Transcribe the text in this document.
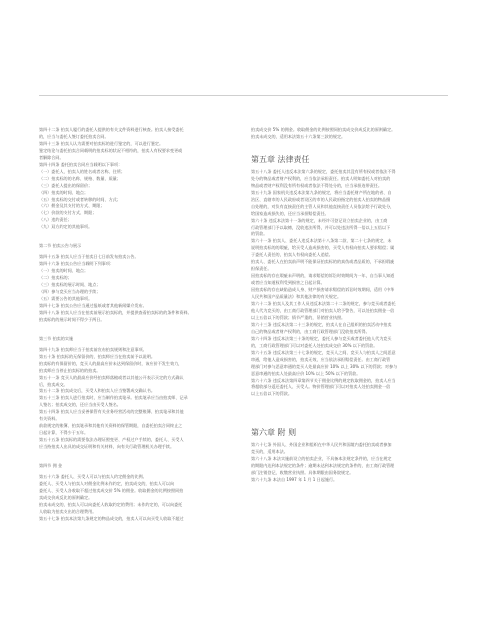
第四十二条 拍卖人履行的委托人提供的有关文件资料进行核查。拍卖人接受委托

的，应当与委托人签订委托拍卖合同。

第四十三条 拍卖人认为需要对拍卖标的进行鉴定的，可以进行鉴定。

鉴定结论与委托拍卖合同载明的拍卖标的状况不相符的，拍卖人有权要求变更或

者解除合同。

第四十四条 委托拍卖合同应当载明以下事项：

（一）委托人、拍卖人的姓名或者名称、住所；

（二）拍卖标的的名称、规格、数量、质量；

（三）委托人提出的保留价；

（四）拍卖的时间、地点；

（五）拍卖标的交付或者转移的时间、方式；

（六）佣金及其支付的方式、期限；

（七）价款的支付方式、期限；

（八）违约责任；

（九）双方约定的其他事项。

第二节 拍卖公告与展示

第四十五条 拍卖人应当于拍卖日七日前发布拍卖公告。

第四十六条 拍卖公告应当载明下列事项：

（一）拍卖的时间、地点；

（二）拍卖标的；

（三）拍卖标的展示时间、地点；

（四）参与竞买应当办理的手续；

（五）需要公告的其他事项。

第四十七条 拍卖公告应当通过报纸或者其他新闻媒介发布。

第四十八条 拍卖人应当在拍卖前展示拍卖标的，并提供查看拍卖标的的条件和资料。

拍卖标的的展示时间不得少于两日。

第三节 拍卖的实施

第四十九条 拍卖师应当于拍卖前宣布拍卖规则和注意事项。

第五十条 拍卖标的无保留价的，拍卖师应当在拍卖前予以说明。

拍卖标的有保留价的，竞买人的最高应价未达到保留价时，该应价不发生效力，

拍卖师应当停止拍卖标的的拍卖。

第五十一条 竞买人的最高应价经拍卖师落槌或者以其他公开表示买定的方式确认

后，拍卖成交。

第五十二条 拍卖成交后，买受人和拍卖人应当签署成交确认书。

第五十三条 拍卖人进行拍卖时，应当制作拍卖笔录。拍卖笔录应当由拍卖师、记录

人签名；拍卖成交的，还应当由买受人签名。

第五十四条 拍卖人应当妥善保管有关业务经营活动的完整账簿、拍卖笔录和其他

有关资料。

前款规定的账簿、拍卖笔录和其他有关资料的保管期限，自委托拍卖合同终止之

日起计算，不得少于五年。

第五十五条 拍卖标的需要依法办理证照变更、产权过户手续的，委托人、买受人

应当持拍卖人出具的成交证明和有关材料，向有关行政管理机关办理手续。

第四节 佣 金

第五十六条 委托人、买受人可以与拍卖人约定佣金的比例。

委托人、买受人与拍卖人对佣金比例未作约定，拍卖成交的，拍卖人可以向

委托人、买受人各收取不超过拍卖成交价 5% 的佣金。收取佣金的比例按照同拍

卖成交价成反比的原则确定。

拍卖未成交的，拍卖人可以向委托人收取约定的费用；未作约定的，可以向委托

人收取为拍卖支出的合理费用。

第五十七条 拍卖本法第九条规定的物品成交的，拍卖人可以向买受人收取不超过

拍卖成交价 5% 的佣金。收取佣金的比例按照同拍卖成交价成反比的原则确定。

拍卖未成交的，适用本法第五十六条第三款的规定。

第五章 法律责任

第五十八条 委托人违反本法第六条的规定，委托拍卖其没有所有权或者依法不得

处分的物品或者财产权利的，应当依法承担责任。拍卖人明知委托人对拍卖的

物品或者财产权利没有所有权或者依法不得处分的，应当承担连带责任。

第五十九条 国家机关违反本法第九条的规定，将应当委托财产所在地的省、自

治区、直辖市的人民政府或者设区的市的人民政府指定的拍卖人拍卖的物品擅

自处理的，对负有直接责任的主管人员和其他直接责任人员依法给予行政处分，

给国家造成损失的，还应当承担赔偿责任。

第六十条 违反本法第十一条的规定，未经许可登记设立拍卖企业的，由工商

行政管理部门予以取缔，没收违法所得，并可以处违法所得一倍以上五倍以下

的罚款。

第六十一条 拍卖人、委托人违反本法第十八条第二款、第二十七条的规定，未

说明拍卖标的的瑕疵，给买受人造成损害的，买受人有权向拍卖人要求赔偿；属

于委托人责任的，拍卖人有权向委托人追偿。

拍卖人、委托人在拍卖前声明不能保证拍卖标的的真伪或者品质的，不承担瑕疵

担保责任。

因拍卖标的存在瑕疵未声明的，请求赔偿的诉讼时效期间为一年，自当事人知道

或者应当知道权利受到损害之日起计算。

因拍卖标的存在缺陷造成人身、财产损害请求赔偿的诉讼时效期间，适用《中华

人民共和国产品质量法》和其他法律的有关规定。

第六十二条 拍卖人及其工作人员违反本法第二十二条的规定，参与竞买或者委托

他人代为竞买的，由工商行政管理部门对拍卖人给予警告，可以处拍卖佣金一倍

以上五倍以下的罚款；情节严重的，吊销营业执照。

第六十三条 违反本法第二十三条的规定，拍卖人在自己组织的拍卖活动中拍卖

自己的物品或者财产权利的，由工商行政管理部门没收拍卖所得。

第六十四条 违反本法第三十条的规定，委托人参与竞买或者委托他人代为竞买

的，工商行政管理部门可以对委托人处拍卖成交价 30% 以下的罚款。

第六十五条 违反本法第三十七条的规定，竞买人之间、竞买人与拍卖人之间恶意

串通，给他人造成损害的，拍卖无效，应当依法承担赔偿责任。由工商行政管

理部门对参与恶意串通的竞买人处最高应价 10% 以上 30% 以下的罚款；对参与

恶意串通的拍卖人处最高应价 10% 以上 50% 以下的罚款。

第六十六条 违反本法第四章第四节关于佣金比例的规定收取佣金的，拍卖人应当

将超收部分返还委托人、买受人。物价管理部门可以对拍卖人处拍卖佣金一倍

以上五倍以下的罚款。

第六章 附 则

第六十七条 外国人、外国企业和组织在中华人民共和国境内委托拍卖或者参加

竞买的，适用本法。

第六十八条 本法实施前设立的拍卖企业，不具备本法规定条件的，应当在规定

的期限内达到本法规定的条件；逾期未达到本法规定的条件的，由工商行政管理

部门注销登记，收缴营业执照。具体期限由国务院规定。

第六十九条 本法自 1997 年 1 月 1 日起施行。
